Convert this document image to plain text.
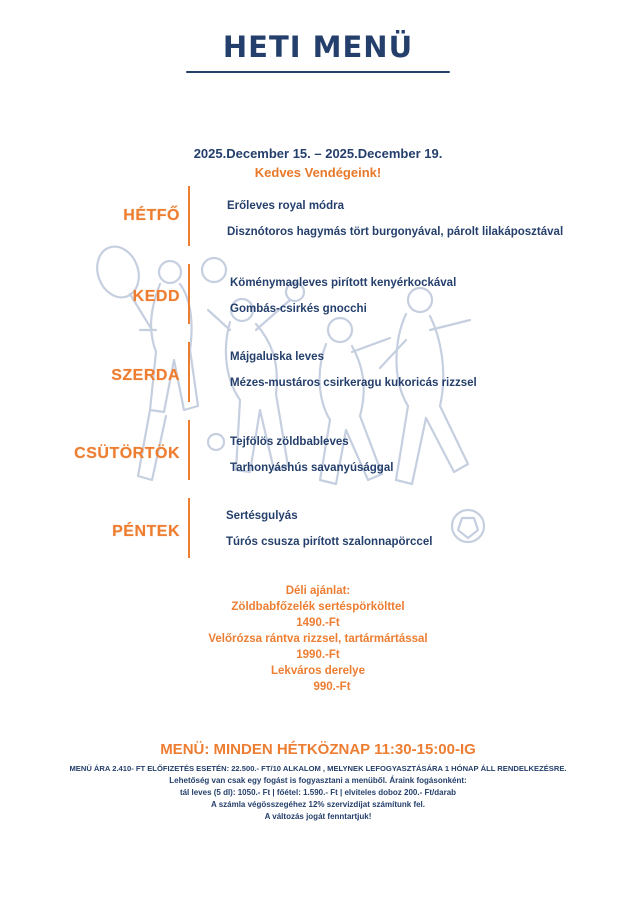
HETI MENÜ
2025.December 15. – 2025.December 19.
Kedves Vendégeink!
HÉTFŐ
Erőleves royal módra
Disznótoros hagymás tört burgonyával, párolt lilakáposztával
KEDD
Köménymagleves pirított kenyérkockával
Gombás-csirkés gnocchi
SZERDA
Májgaluska leves
Mézes-mustáros csirkeragu kukoricás rizzsel
CSÜTÖRTÖK
Tejfölös zöldbableves
Tarhonyáshús savanyúsággal
PÉNTEK
Sertésgulyás
Túrós csusza pirított szalonnapörccel
Déli ajánlat:
Zöldbabfőzelék sertéspörkölttel
1490.-Ft
Velőrózsa rántva rizzsel, tartármártással
1990.-Ft
Lekváros derelye
990.-Ft
MENÜ: MINDEN HÉTKÖZNAP 11:30-15:00-IG
MENÜ ÁRA 2.410- FT ELŐFIZETÉS ESETÉN: 22.500.- FT/10 ALKALOM , MELYNEK LEFOGYASZTÁSÁRA 1 HÓNAP ÁLL RENDELKEZÉSRE.
Lehetőség van csak egy fogást is fogyasztani a menüből. Áraink fogásonként:
tál leves (5 dl): 1050.- Ft | főétel: 1.590.- Ft | elviteles doboz 200.- Ft/darab
A számla végösszegéhez 12% szervizdíjat számítunk fel.
A változás jogát fenntartjuk!
